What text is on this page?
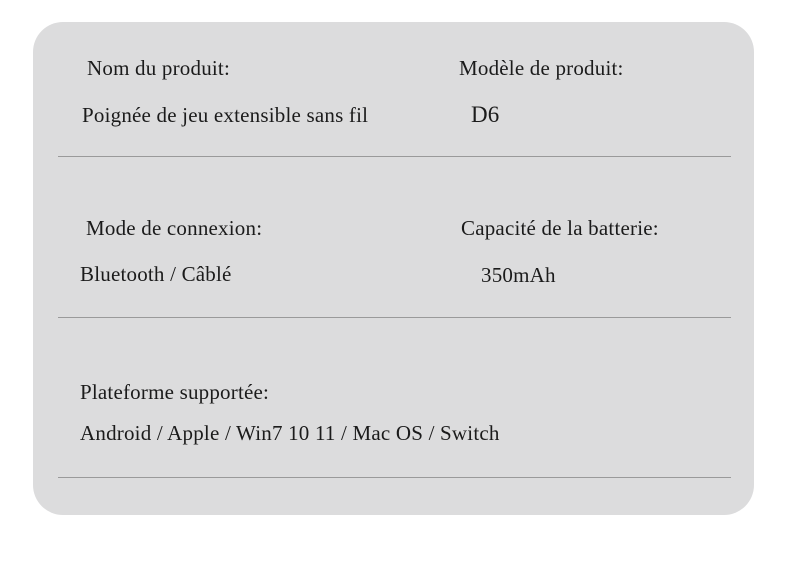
Nom du produit:
Poignée de jeu extensible sans fil
Modèle de produit:
D6
Mode de connexion:
Bluetooth / Câblé
Capacité de la batterie:
350mAh
Plateforme supportée:
Android / Apple / Win7 10 11 / Mac OS / Switch
